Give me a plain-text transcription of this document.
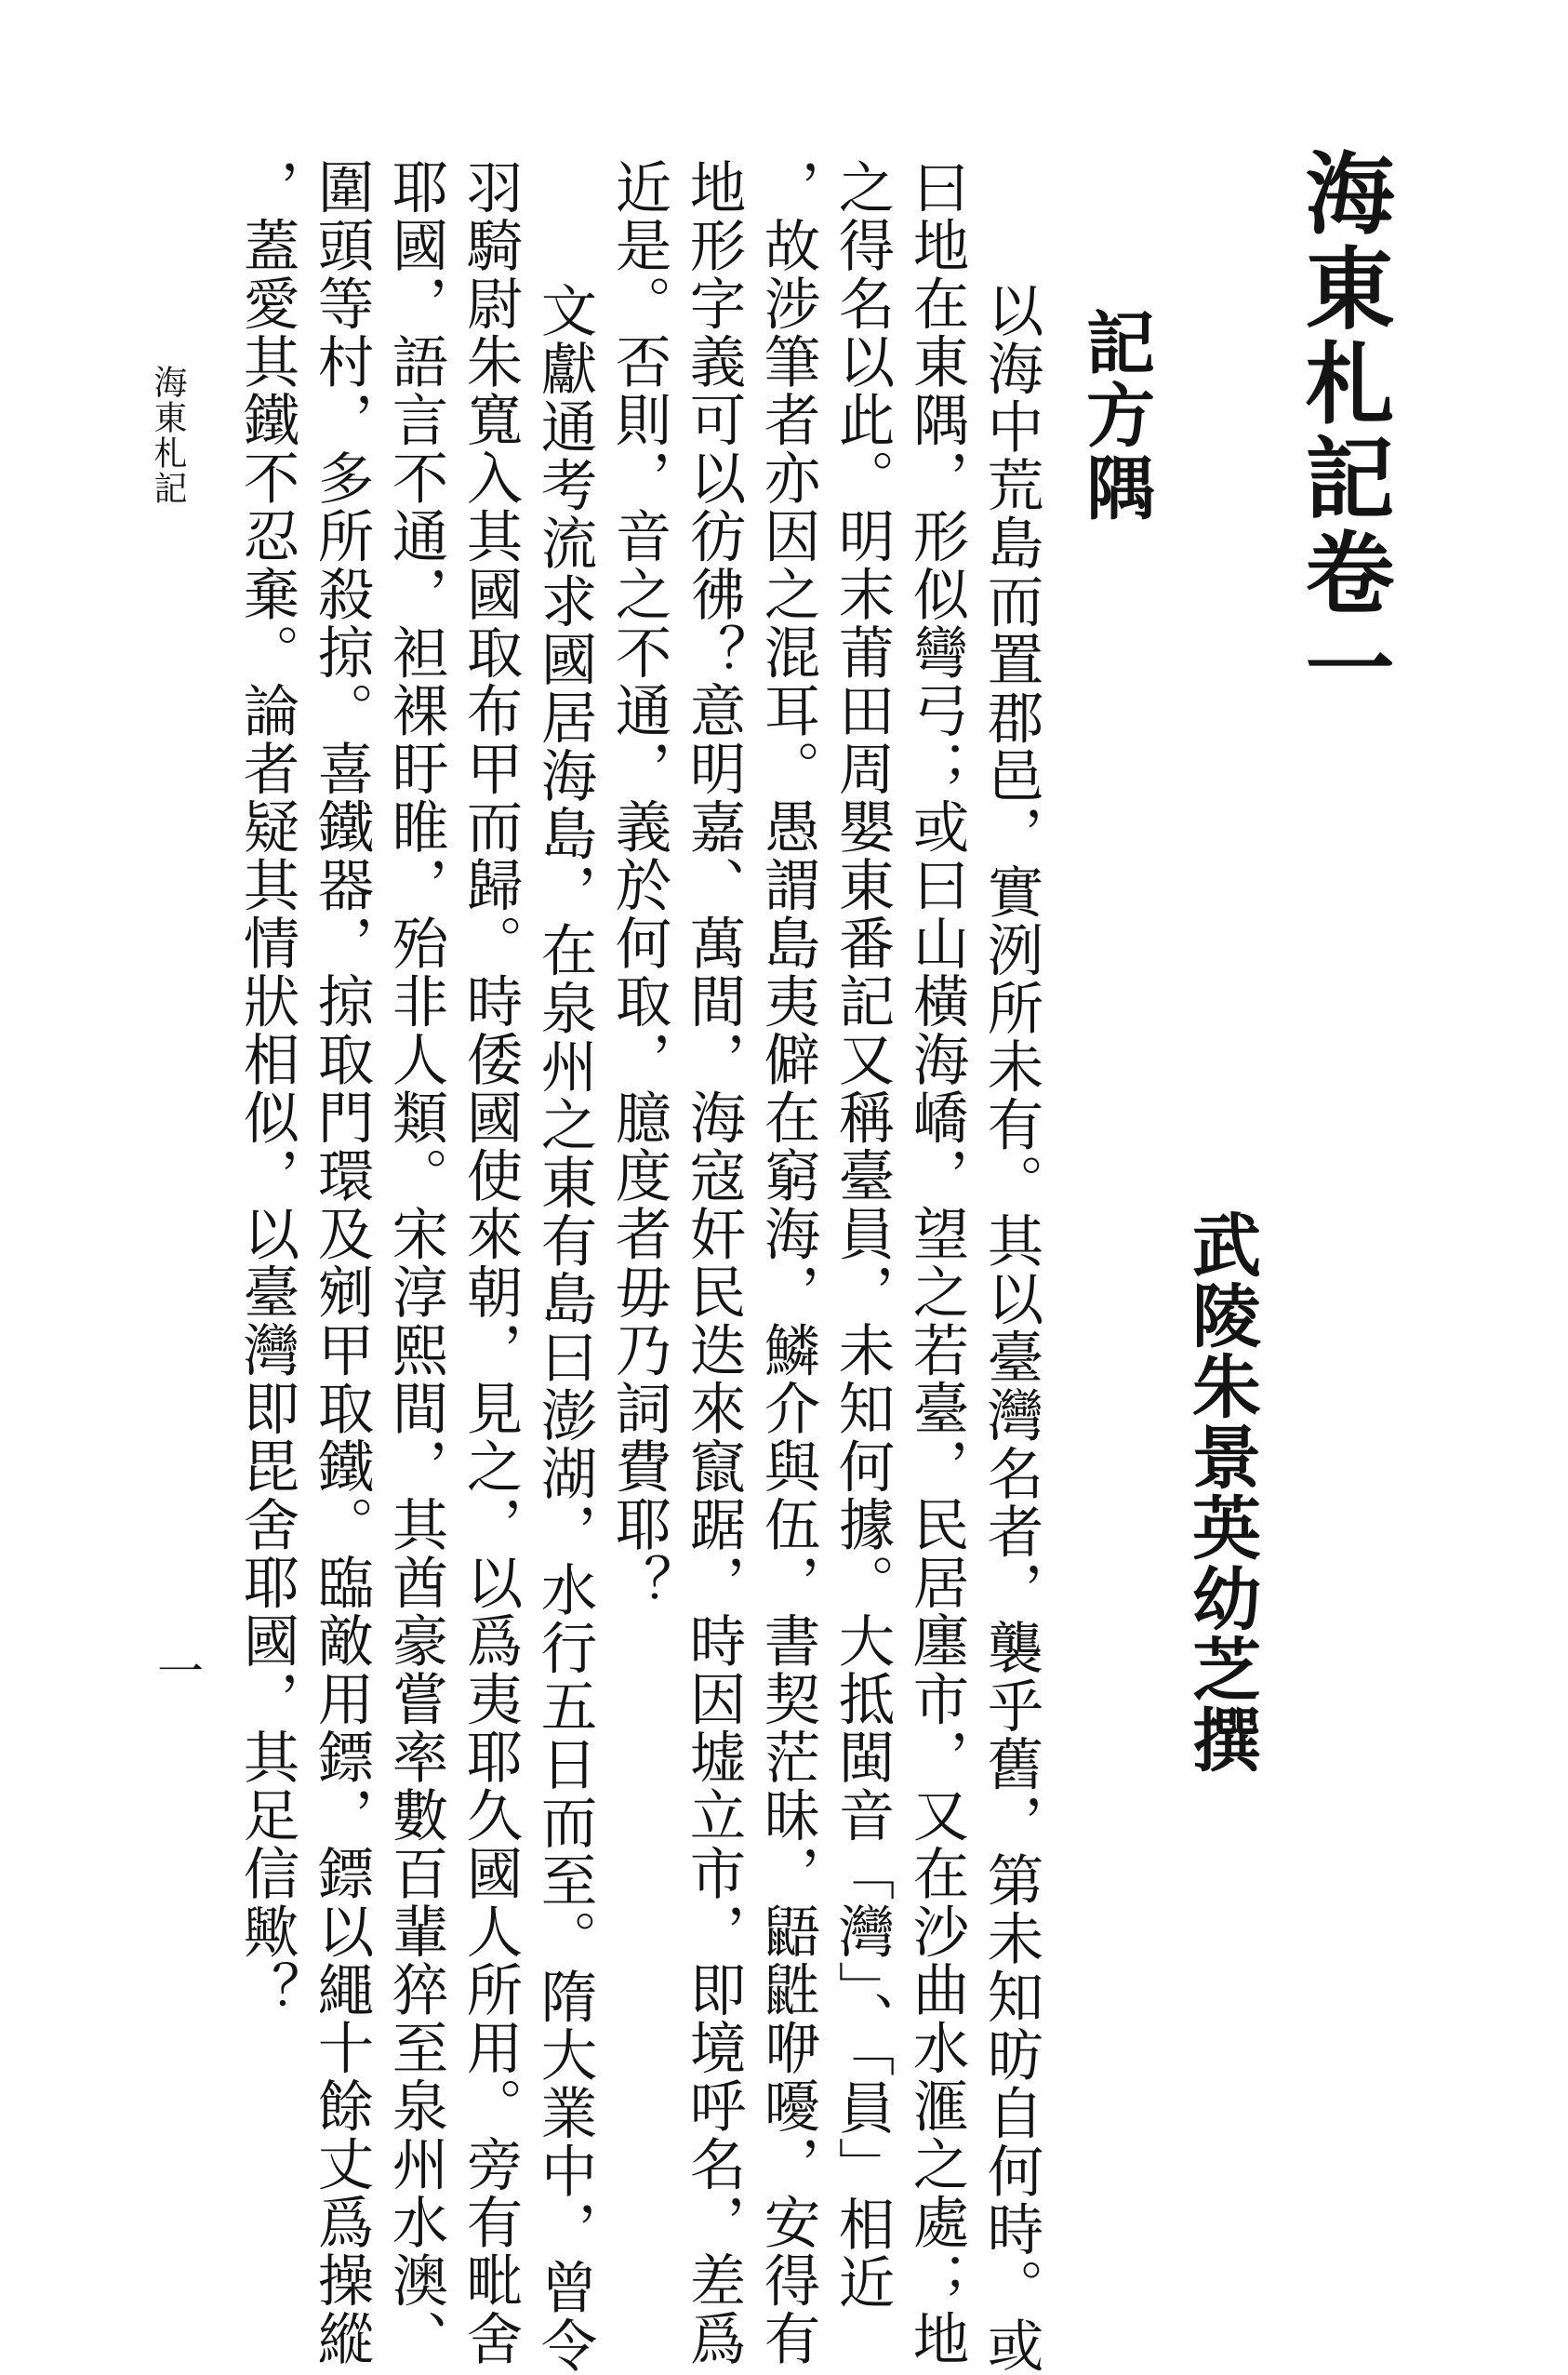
海東札記卷一
武陵朱景英幼芝撰
記方隅
　以海中荒島而置郡邑，實洌所未有。其以臺灣名者，襲乎舊，第未知昉自何時。或
曰地在東隅，形似彎弓；或曰山橫海嶠，望之若臺，民居廛市，又在沙曲水滙之處；地
之得名以此。明末莆田周嬰東番記又稱臺員，未知何據。大抵閩音「灣」、「員」相近
，故涉筆者亦因之混耳。愚謂島夷僻在窮海，鱗介與伍，書契茫昧，鼯鼪咿嚘，安得有
地形字義可以彷彿？意明嘉、萬間，海寇奸民迭來竄踞，時因墟立市，即境呼名，差爲
近是。否則，音之不通，義於何取，臆度者毋乃詞費耶？
　文獻通考流求國居海島，在泉州之東有島曰澎湖，水行五日而至。隋大業中，曾令
羽騎尉朱寬入其國取布甲而歸。時倭國使來朝，見之，以爲夷耶久國人所用。旁有毗舍
耶國，語言不通，袒裸盱睢，殆非人類。宋淳熙間，其酋豪嘗率數百輩猝至泉州水澳、
圍頭等村，多所殺掠。喜鐵器，掠取門環及剜甲取鐵。臨敵用鏢，鏢以繩十餘丈爲操縱
，蓋愛其鐵不忍棄。論者疑其情狀相似，以臺灣即毘舍耶國，其足信歟？
海東札記
一
